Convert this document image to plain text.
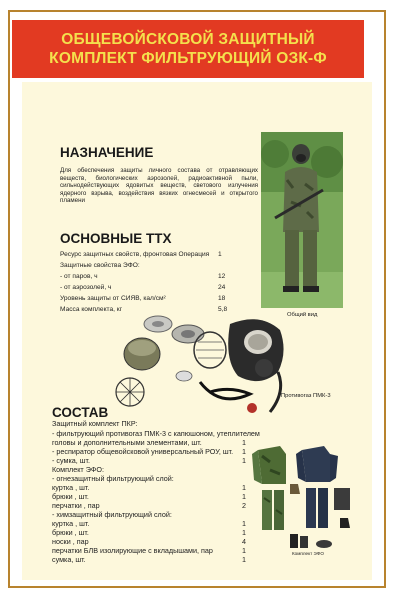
ОБЩЕВОЙСКОВОЙ ЗАЩИТНЫЙ
КОМПЛЕКТ ФИЛЬТРУЮЩИЙ ОЗК-Ф
НАЗНАЧЕНИЕ
Для обеспечения защиты личного состава от отравляющих веществ, биологических аэрозолей, радиоактивной пыли, сильнодействующих ядовитых веществ, светового излучения ядерного взрыва, воздействия вязких огнесмесей и открытого пламени
Общий вид
ОСНОВНЫЕ ТТХ
Ресурс защитных свойств, фронтовая Операция 1
Защитные свойства ЭФО:
- от паров, ч	12
- от аэрозолей, ч	24
Уровень защиты от СИЯВ, кал/см²	18
Масса комплекта, кг	5,8
Противогаз ПМК-3
СОСТАВ
Защитный комплект ПКР:
- фильтрующий противогаз ПМК-3 с капюшоном, утеплителем
головы и дополнительными элементами, шт.	1
- респиратор общевойсковой универсальный РОУ, шт. 1
- сумка, шт.	1
Комплект ЭФО:
- огнезащитный фильтрующий слой:
куртка , шт.	1
брюки , шт.	1
перчатки , пар	2
- химзащитный фильтрующий слой:
куртка , шт.	1
брюки , шт.	1
носки , пар	4
перчатки БЛВ изолирующие с вкладышами, пар	1
сумка, шт.	1
Комплект ЭФО
